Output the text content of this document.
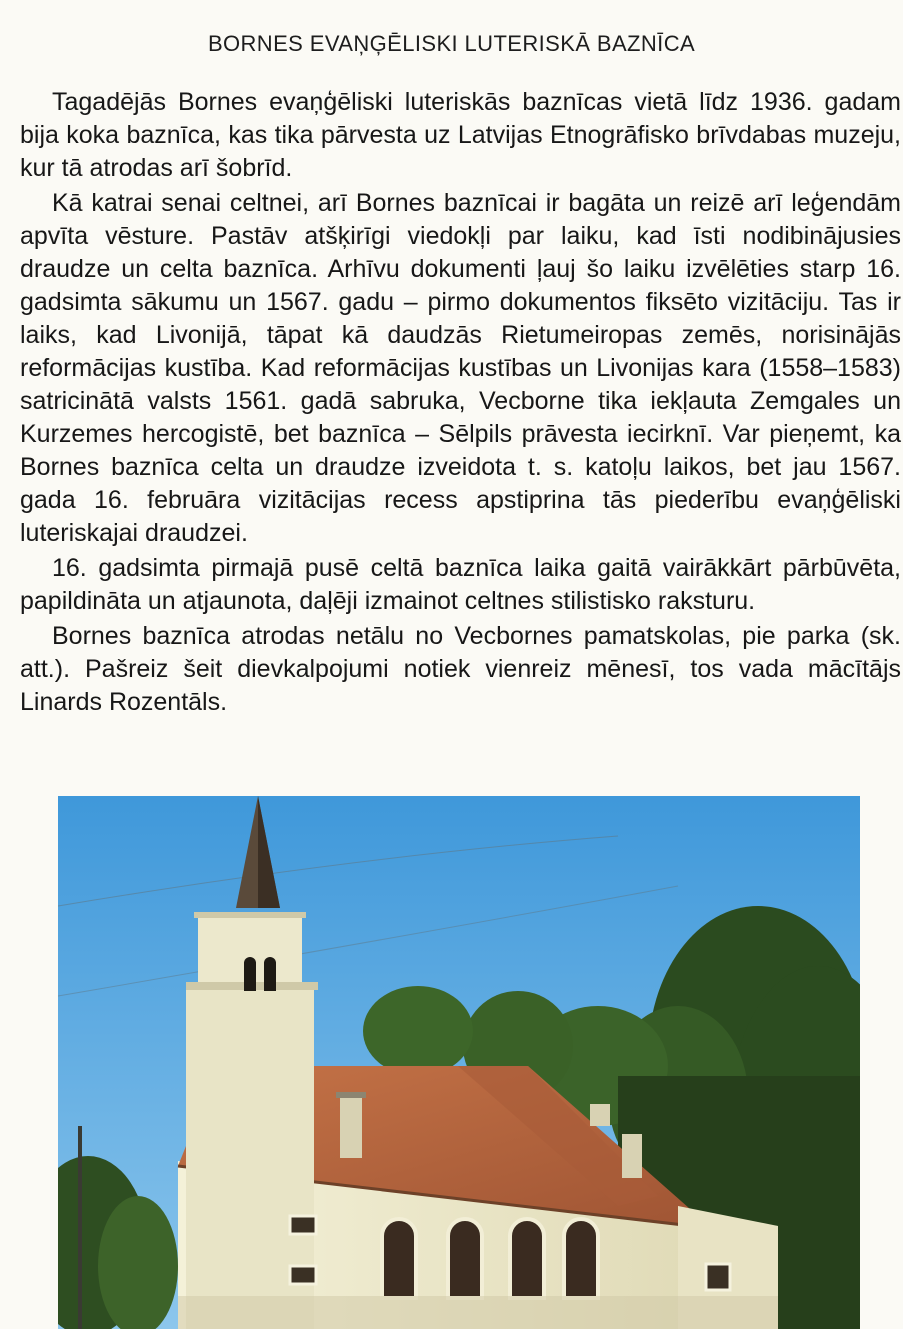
BORNES EVAŅĢĒLISKI LUTERISKĀ BAZNĪCA

Tagadējās Bornes evaņģēliski luteriskās baznīcas vietā līdz 1936. gadam bija koka baznīca, kas tika pārvesta uz Latvijas Etnogrāfisko brīvdabas muzeju, kur tā atrodas arī šobrīd.

Kā katrai senai celtnei, arī Bornes baznīcai ir bagāta un reizē arī leģendām apvīta vēsture. Pastāv atšķirīgi viedokļi par laiku, kad īsti nodibinājusies draudze un celta baznīca. Arhīvu dokumenti ļauj šo laiku izvēlēties starp 16. gadsimta sākumu un 1567. gadu – pirmo dokumentos fiksēto vizitāciju. Tas ir laiks, kad Livonijā, tāpat kā daudzās Rietumeiropas zemēs, norisinājās reformācijas kustība. Kad reformācijas kustības un Livonijas kara (1558–1583) satricinātā valsts 1561. gadā sabruka, Vecborne tika iekļauta Zemgales un Kurzemes hercogistē, bet baznīca – Sēlpils prāvesta iecirknī. Var pieņemt, ka Bornes baznīca celta un draudze izveidota t. s. katoļu laikos, bet jau 1567. gada 16. februāra vizitācijas recess apstiprina tās piederību evaņģēliski luteriskajai draudzei.

16. gadsimta pirmajā pusē celtā baznīca laika gaitā vairākkārt pārbūvēta, papildināta un atjaunota, daļēji izmainot celtnes stilistisko raksturu.

Bornes baznīca atrodas netālu no Vecbornes pamatskolas, pie parka (sk. att.). Pašreiz šeit dievkalpojumi notiek vienreiz mēnesī, tos vada mācītājs Linards Rozentāls.
